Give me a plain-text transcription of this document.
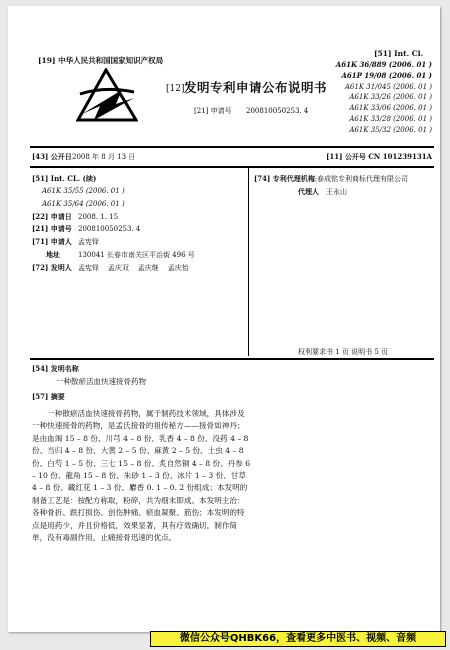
[19] 中华人民共和国国家知识产权局
[12] 发明专利申请公布说明书
[21] 申请号 200810050253. 4
[51] Int. Cl.
A61K 36/889 (2006. 01 )
A61P 19/08 (2006. 01 )
A61K 31/045 (2006. 01 )
A61K 33/26 (2006. 01 )
A61K 33/06 (2006. 01 )
A61K 33/28 (2006. 01 )
A61K 35/32 (2006. 01 )
[43] 公开日 2008 年 8 月 13 日	[11] 公开号 CN 101239131A
[51] Int. CL. (续)
A61K 35/55 (2006. 01 )
A61K 35/64 (2006. 01 )
[22] 申请日 2008. 1. 15
[21] 申请号 200810050253. 4
[71] 申请人 孟宪铎
地址	130041 长春市南关区平治街 496 号
[72] 发明人 孟宪铎    孟庆双    孟庆继    孟庆怡
[74] 专利代理机构
长春成铭专利商标代理有限公司
代理人 王永山
权利要求书 1 页 说明书 5 页
[54] 发明名称
一种散瘀活血快速接骨药物
[57] 摘要
一种散瘀活血快速接骨药物，属于制药技术领域，具体涉及一种快速接骨的药物，是孟氏接骨的祖传秘方——接骨如神丹；是由血竭 15 – 8 份、川芎 4 – 8 份、乳香 4 – 8 份、没药 4 – 8 份、当归 4 – 8 份、大黄 2 – 5 份、麻黄 2 – 5 份、土虫 4 – 8 份、白芍 1 – 5 份、三七 15 – 8 份、炙自然铜 4 – 8 份、丹参 6 – 10 份、龍角 15 – 8 份、朱砂 1 – 3 份、冰片 1 – 3 份、甘草 4 – 8 份、藏红花 1 – 3 份、麝香 0. 1 – 0. 2 份组成；本发明的制备工艺是：按配方称取，粉碎，共为细末即成。本发明主治：各种骨折、跌打损伤、创伤肿痛、瘀血凝聚、筋伤；本发明的特点是用药少，并且价格低，效果显著，具有疗效确切，制作简单，没有毒副作用，止痛接骨迅速的优点。
微信公众号QHBK66，查看更多中医书、视频、音频
